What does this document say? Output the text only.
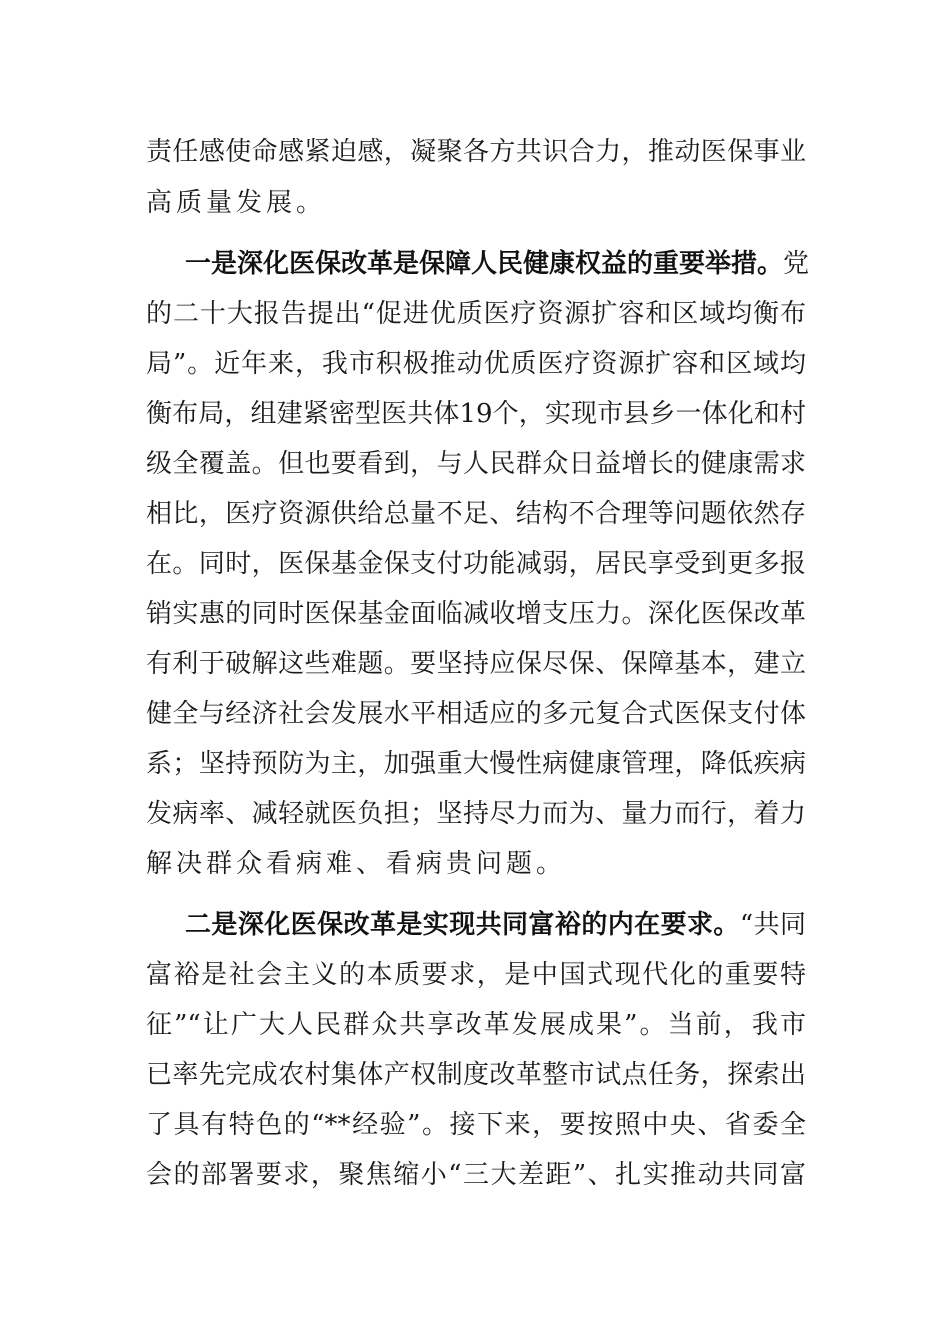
责任感使命感紧迫感，凝聚各方共识合力，推动医保事业
高质量发展。
一是深化医保改革是保障人民健康权益的重要举措。党
的二十大报告提出“促进优质医疗资源扩容和区域均衡布
局”。近年来，我市积极推动优质医疗资源扩容和区域均
衡布局，组建紧密型医共体19个，实现市县乡一体化和村
级全覆盖。但也要看到，与人民群众日益增长的健康需求
相比，医疗资源供给总量不足、结构不合理等问题依然存
在。同时，医保基金保支付功能减弱，居民享受到更多报
销实惠的同时医保基金面临减收增支压力。深化医保改革
有利于破解这些难题。要坚持应保尽保、保障基本，建立
健全与经济社会发展水平相适应的多元复合式医保支付体
系；坚持预防为主，加强重大慢性病健康管理，降低疾病
发病率、减轻就医负担；坚持尽力而为、量力而行，着力
解决群众看病难、看病贵问题。
二是深化医保改革是实现共同富裕的内在要求。“共同
富裕是社会主义的本质要求，是中国式现代化的重要特
征”“让广大人民群众共享改革发展成果”。当前，我市
已率先完成农村集体产权制度改革整市试点任务，探索出
了具有特色的“**经验”。接下来，要按照中央、省委全
会的部署要求，聚焦缩小“三大差距”、扎实推动共同富
